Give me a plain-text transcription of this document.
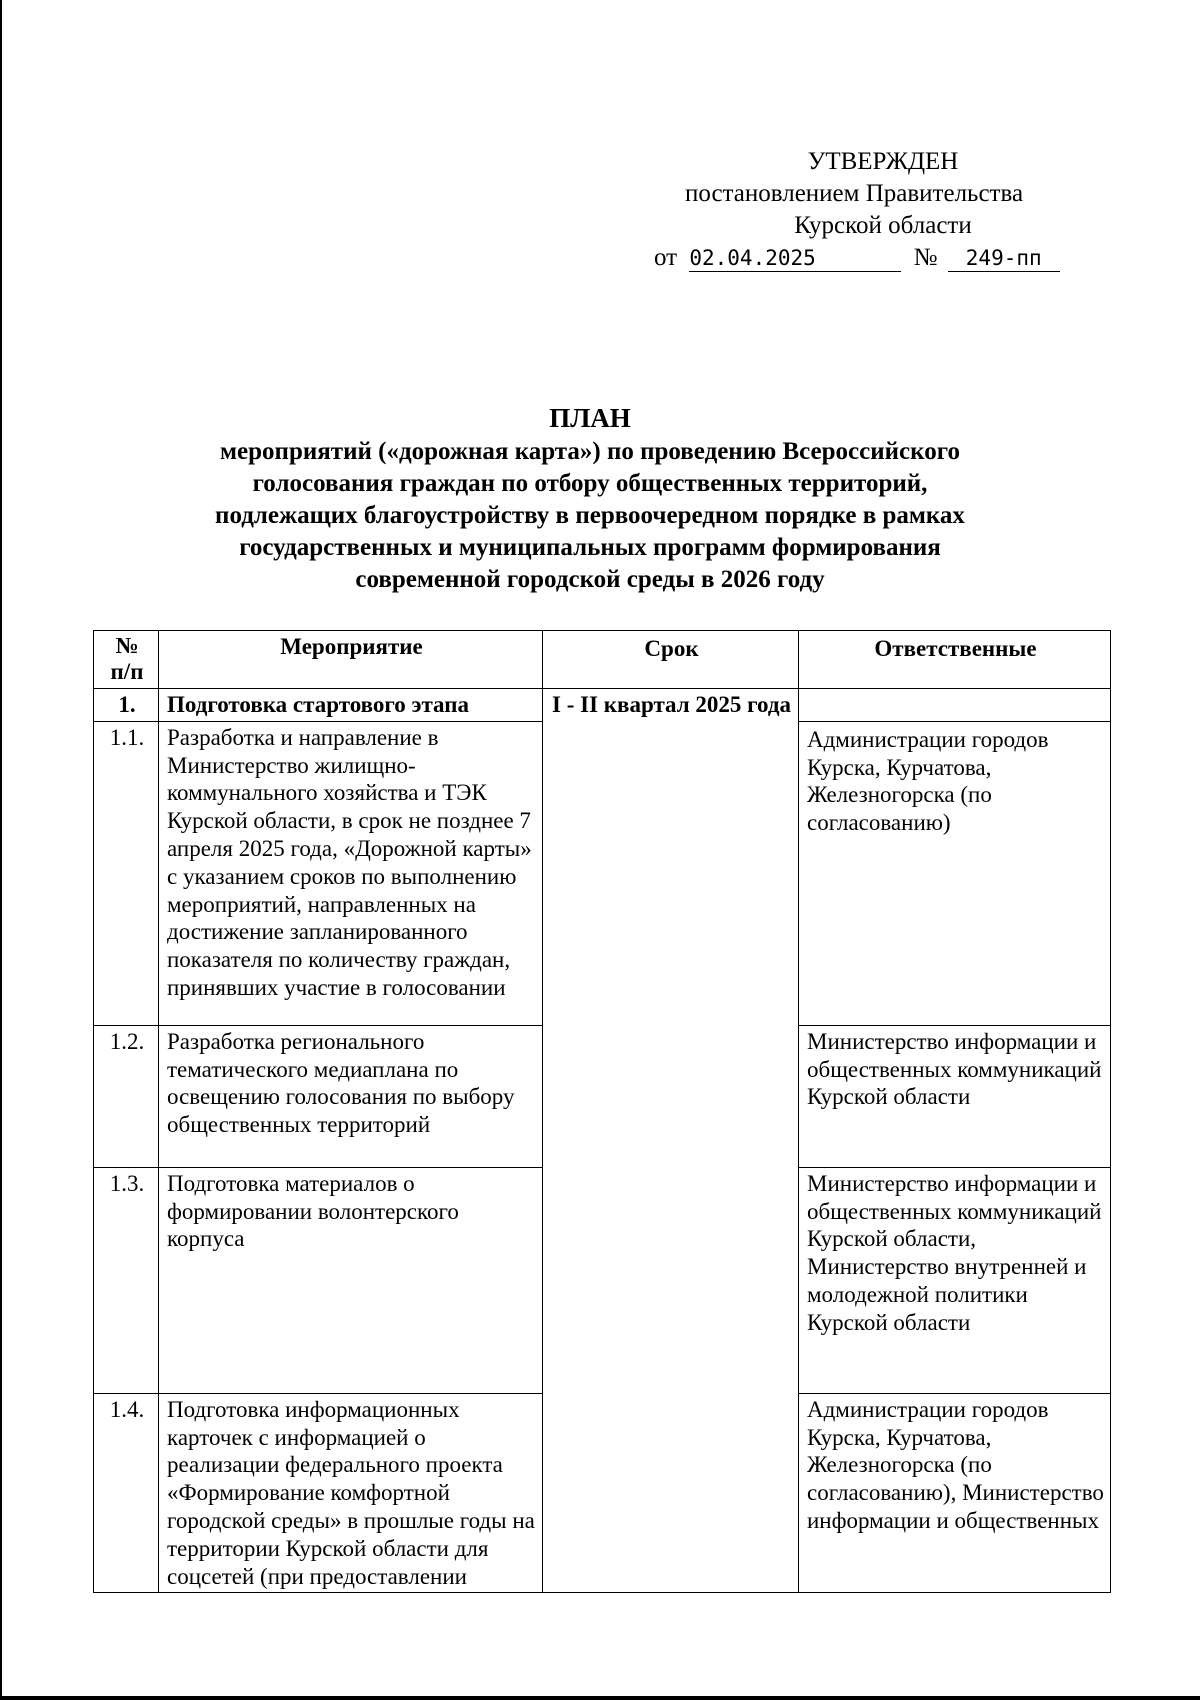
УТВЕРЖДЕН
постановлением Правительства
Курской области
от 02.04.2025	№ 249-пп
ПЛАН
мероприятий («дорожная карта») по проведению Всероссийского
голосования граждан по отбору общественных территорий,
подлежащих благоустройству в первоочередном порядке в рамках
государственных и муниципальных программ формирования
современной городской среды в 2026 году
№
п/п	Мероприятие	Срок	Ответственные
1.	Подготовка стартового этапа	I - II квартал 2025 года	
1.1.	Разработка и направление в Министерство жилищно-коммунального хозяйства и ТЭК Курской области, в срок не позднее 7 апреля 2025 года, «Дорожной карты» с указанием сроков по выполнению мероприятий, направленных на достижение запланированного показателя по количеству граждан, принявших участие в голосовании		Администрации городов Курска, Курчатова, Железногорска (по согласованию)
1.2.	Разработка регионального тематического медиаплана по освещению голосования по выбору общественных территорий		Министерство информации и общественных коммуникаций Курской области
1.3.	Подготовка материалов о формировании волонтерского корпуса		Министерство информации и общественных коммуникаций Курской области, Министерство внутренней и молодежной политики Курской области
1.4.	Подготовка информационных карточек с информацией о реализации федерального проекта «Формирование комфортной городской среды» в прошлые годы на территории Курской области для соцсетей (при предоставлении		Администрации городов Курска, Курчатова, Железногорска (по согласованию), Министерство информации и общественных
